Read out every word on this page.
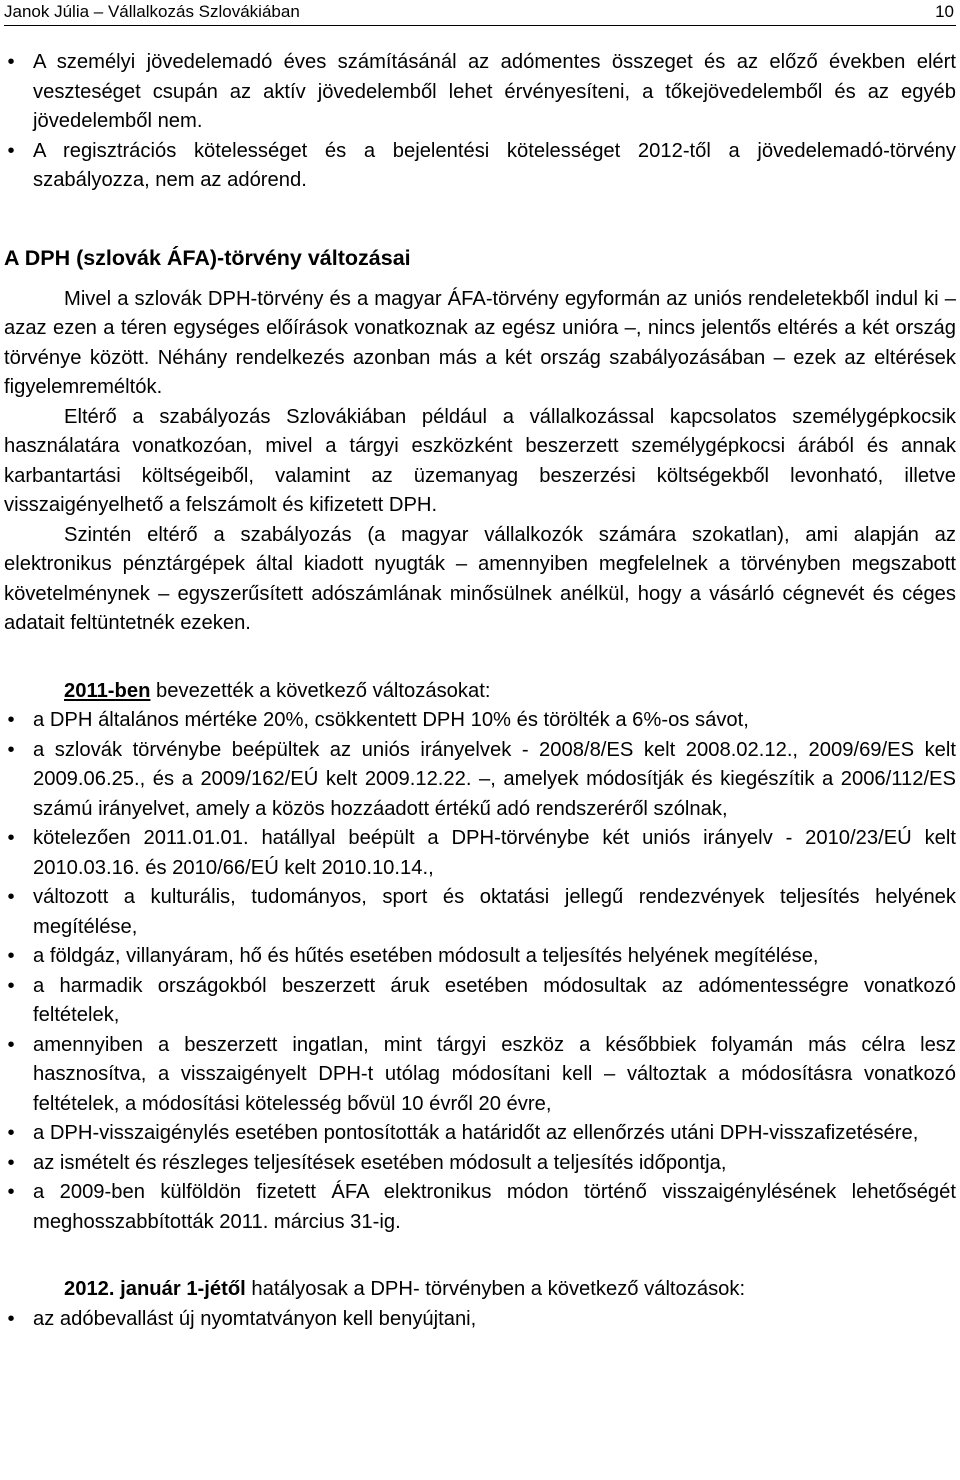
Janok Júlia – Vállalkozás Szlovákiában	10
• A személyi jövedelemadó éves számításánál az adómentes összeget és az előző években elért veszteséget csupán az aktív jövedelemből lehet érvényesíteni, a tőkejövedelemből és az egyéb jövedelemből nem.
• A regisztrációs kötelességet és a bejelentési kötelességet 2012-től a jövedelemadó-törvény szabályozza, nem az adórend.
A DPH (szlovák ÁFA)-törvény változásai

Mivel a szlovák DPH-törvény és a magyar ÁFA-törvény egyformán az uniós rendeletekből indul ki – azaz ezen a téren egységes előírások vonatkoznak az egész unióra –, nincs jelentős eltérés a két ország törvénye között. Néhány rendelkezés azonban más a két ország szabályozásában – ezek az eltérések figyelemreméltók.

Eltérő a szabályozás Szlovákiában például a vállalkozással kapcsolatos személygépkocsik használatára vonatkozóan, mivel a tárgyi eszközként beszerzett személygépkocsi árából és annak karbantartási költségeiből, valamint az üzemanyag beszerzési költségekből levonható, illetve visszaigényelhető a felszámolt és kifizetett DPH.

Szintén eltérő a szabályozás (a magyar vállalkozók számára szokatlan), ami alapján az elektronikus pénztárgépek által kiadott nyugták – amennyiben megfelelnek a törvényben megszabott követelménynek – egyszerűsített adószámlának minősülnek anélkül, hogy a vásárló cégnevét és céges adatait feltüntetnék ezeken.

2011-ben bevezették a következő változásokat:
• a DPH általános mértéke 20%, csökkentett DPH 10% és törölték a 6%-os sávot,
• a szlovák törvénybe beépültek az uniós irányelvek - 2008/8/ES kelt 2008.02.12., 2009/69/ES kelt 2009.06.25., és a 2009/162/EÚ kelt 2009.12.22. –, amelyek módosítják és kiegészítik a 2006/112/ES számú irányelvet, amely a közös hozzáadott értékű adó rendszeréről szólnak,
• kötelezően 2011.01.01. hatállyal beépült a DPH-törvénybe két uniós irányelv - 2010/23/EÚ kelt 2010.03.16. és 2010/66/EÚ kelt 2010.10.14.,
• változott a kulturális, tudományos, sport és oktatási jellegű rendezvények teljesítés helyének megítélése,
• a földgáz, villanyáram, hő és hűtés esetében módosult a teljesítés helyének megítélése,
• a harmadik országokból beszerzett áruk esetében módosultak az adómentességre vonatkozó feltételek,
• amennyiben a beszerzett ingatlan, mint tárgyi eszköz a későbbiek folyamán más célra lesz hasznosítva, a visszaigényelt DPH-t utólag módosítani kell – változtak a módosításra vonatkozó feltételek, a módosítási kötelesség bővül 10 évről 20 évre,
• a DPH-visszaigénylés esetében pontosították a határidőt az ellenőrzés utáni DPH-visszafizetésére,
• az ismételt és részleges teljesítések esetében módosult a teljesítés időpontja,
• a 2009-ben külföldön fizetett ÁFA elektronikus módon történő visszaigénylésének lehetőségét meghosszabbították 2011. március 31-ig.
2012. január 1-jétől hatályosak a DPH- törvényben a következő változások:
• az adóbevallást új nyomtatványon kell benyújtani,
